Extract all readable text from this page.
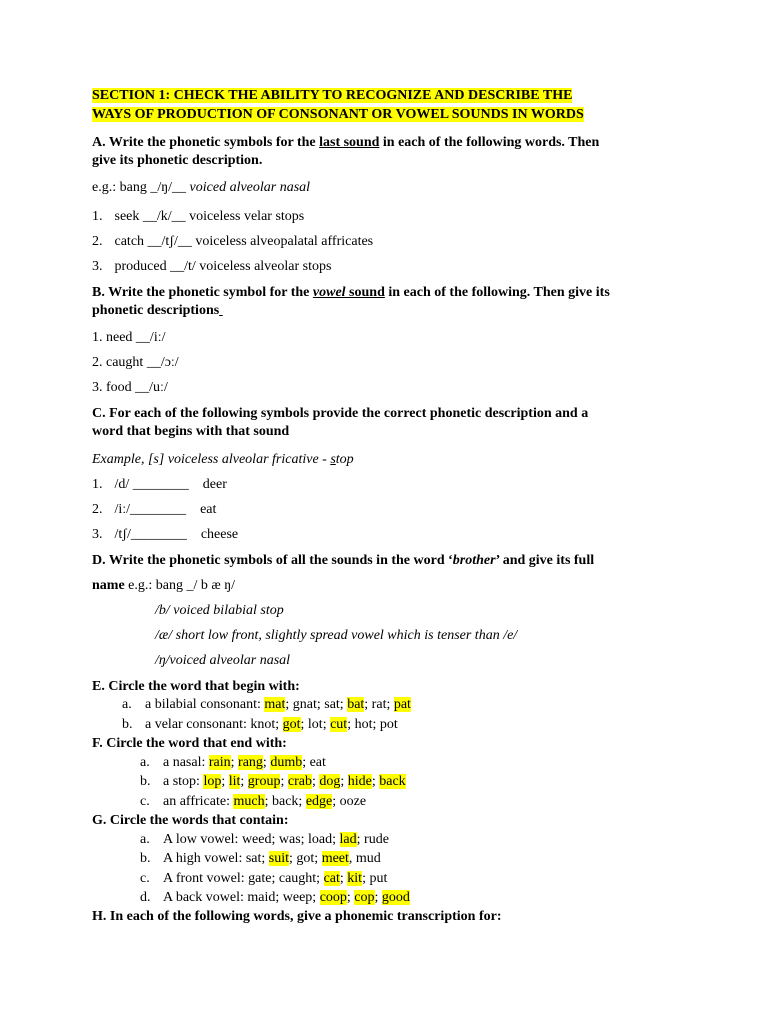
SECTION 1: CHECK THE ABILITY TO RECOGNIZE AND DESCRIBE THE
WAYS OF PRODUCTION OF CONSONANT OR VOWEL SOUNDS IN WORDS
A. Write the phonetic symbols for the last sound in each of the following words. Then
give its phonetic description.
e.g.: bang _/ŋ/__ voiced alveolar nasal
1. seek __/k/__ voiceless velar stops
2. catch __/tʃ/__ voiceless alveopalatal affricates
3. produced __/t/ voiceless alveolar stops
B. Write the phonetic symbol for the vowel sound in each of the following. Then give its
phonetic descriptions
1. need __/iː/
2. caught __/ɔː/
3. food __/uː/
C. For each of the following symbols provide the correct phonetic description and a
word that begins with that sound
Example, [s] voiceless alveolar fricative - stop
1. /d/ ________ deer
2. /iː/________ eat
3. /tʃ/________ cheese
D. Write the phonetic symbols of all the sounds in the word ‘brother’ and give its full
name e.g.: bang _/ b æ ŋ/
/b/ voiced bilabial stop
/æ/ short low front, slightly spread vowel which is tenser than /e/
/ŋ/voiced alveolar nasal
E. Circle the word that begin with:
a. a bilabial consonant: mat; gnat; sat; bat; rat; pat
b. a velar consonant: knot; got; lot; cut; hot; pot
F. Circle the word that end with:
a. a nasal: rain; rang; dumb; eat
b. a stop: lop; lit; group; crab; dog; hide; back
c. an affricate: much; back; edge; ooze
G. Circle the words that contain:
a. A low vowel: weed; was; load; lad; rude
b. A high vowel: sat; suit; got; meet, mud
c. A front vowel: gate; caught; cat; kit; put
d. A back vowel: maid; weep; coop; cop; good
H. In each of the following words, give a phonemic transcription for:
